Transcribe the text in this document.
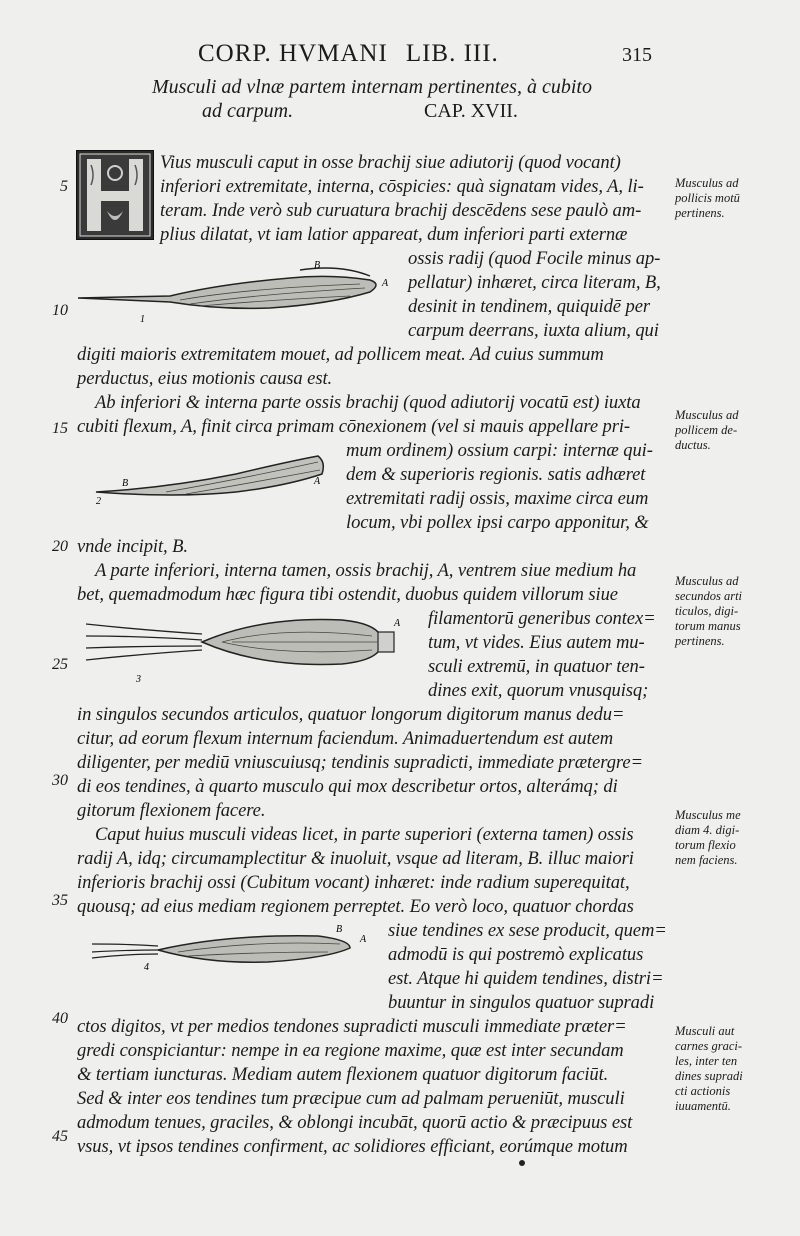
CORP. HVMANI LIB. III.	315
Musculi ad vlnæ partem internam pertinentes, à cubito
ad carpum.	CAP. XVII.
Vius musculi caput in osse brachij siue adiutorij (quod vocant)
inferiori extremitate, interna, cōspicies: quà signatam vides, A, li-
teram. Inde verò sub curuatura brachij descēdens sese paulò am-
plius dilatat, vt iam latior appareat, dum inferiori parti externæ
ossis radij (quod Focile minus ap-
pellatur) inhæret, circa literam, B,
desinit in tendinem, quiquidē per
carpum deerrans, iuxta alium, qui
digiti maioris extremitatem mouet, ad pollicem meat. Ad cuius summum
perductus, eius motionis causa est.
Ab inferiori & interna parte ossis brachij (quod adiutorij vocatū est) iuxta
cubiti flexum, A, finit circa primam cōnexionem (vel si mauis appellare pri-
mum ordinem) ossium carpi: internæ qui-
dem & superioris regionis. satis adhæret
extremitati radij ossis, maxime circa eum
locum, vbi pollex ipsi carpo apponitur, &
vnde incipit, B.
A parte inferiori, interna tamen, ossis brachij, A, ventrem siue medium ha
bet, quemadmodum hæc figura tibi ostendit, duobus quidem villorum siue
filamentorū generibus contex=
tum, vt vides. Eius autem mu-
sculi extremū, in quatuor ten-
dines exit, quorum vnusquisq;
in singulos secundos articulos, quatuor longorum digitorum manus dedu=
citur, ad eorum flexum internum faciendum. Animaduertendum est autem
diligenter, per mediū vniuscuiusq; tendinis supradicti, immediate prætergre=
di eos tendines, à quarto musculo qui mox describetur ortos, alterámq; di
gitorum flexionem facere.
Caput huius musculi videas licet, in parte superiori (externa tamen) ossis
radij A, idq; circumamplectitur & inuoluit, vsque ad literam, B. illuc maiori
inferioris brachij ossi (Cubitum vocant) inhæret: inde radium superequitat,
quousq; ad eius mediam regionem perreptet. Eo verò loco, quatuor chordas
siue tendines ex sese producit, quem=
admodū is qui postremò explicatus
est. Atque hi quidem tendines, distri=
buuntur in singulos quatuor supradi
ctos digitos, vt per medios tendones supradicti musculi immediate præter=
gredi conspiciantur: nempe in ea regione maxime, quæ est inter secundam
& tertiam iuncturas. Mediam autem flexionem quatuor digitorum faciūt.
Sed & inter eos tendines tum præcipue cum ad palmam perueniūt, musculi
admodum tenues, graciles, & oblongi incubāt, quorū actio & præcipuus est
vsus, vt ipsos tendines confirment, ac solidiores efficiant, eorúmque motum
5
10
15
20
25
30
35
40
45
Musculus ad
pollicis motū
pertinens.
Musculus ad
pollicem de-
ductus.
Musculus ad
secundos arti
ticulos, digi-
torum manus
pertinens.
Musculus me
diam 4. digi-
torum flexio
nem faciens.
Musculi aut
carnes graci-
les, inter ten
dines supradi
cti actionis
iuuamentū.
B
A
1
B	A
2
A
3
B
A
4
